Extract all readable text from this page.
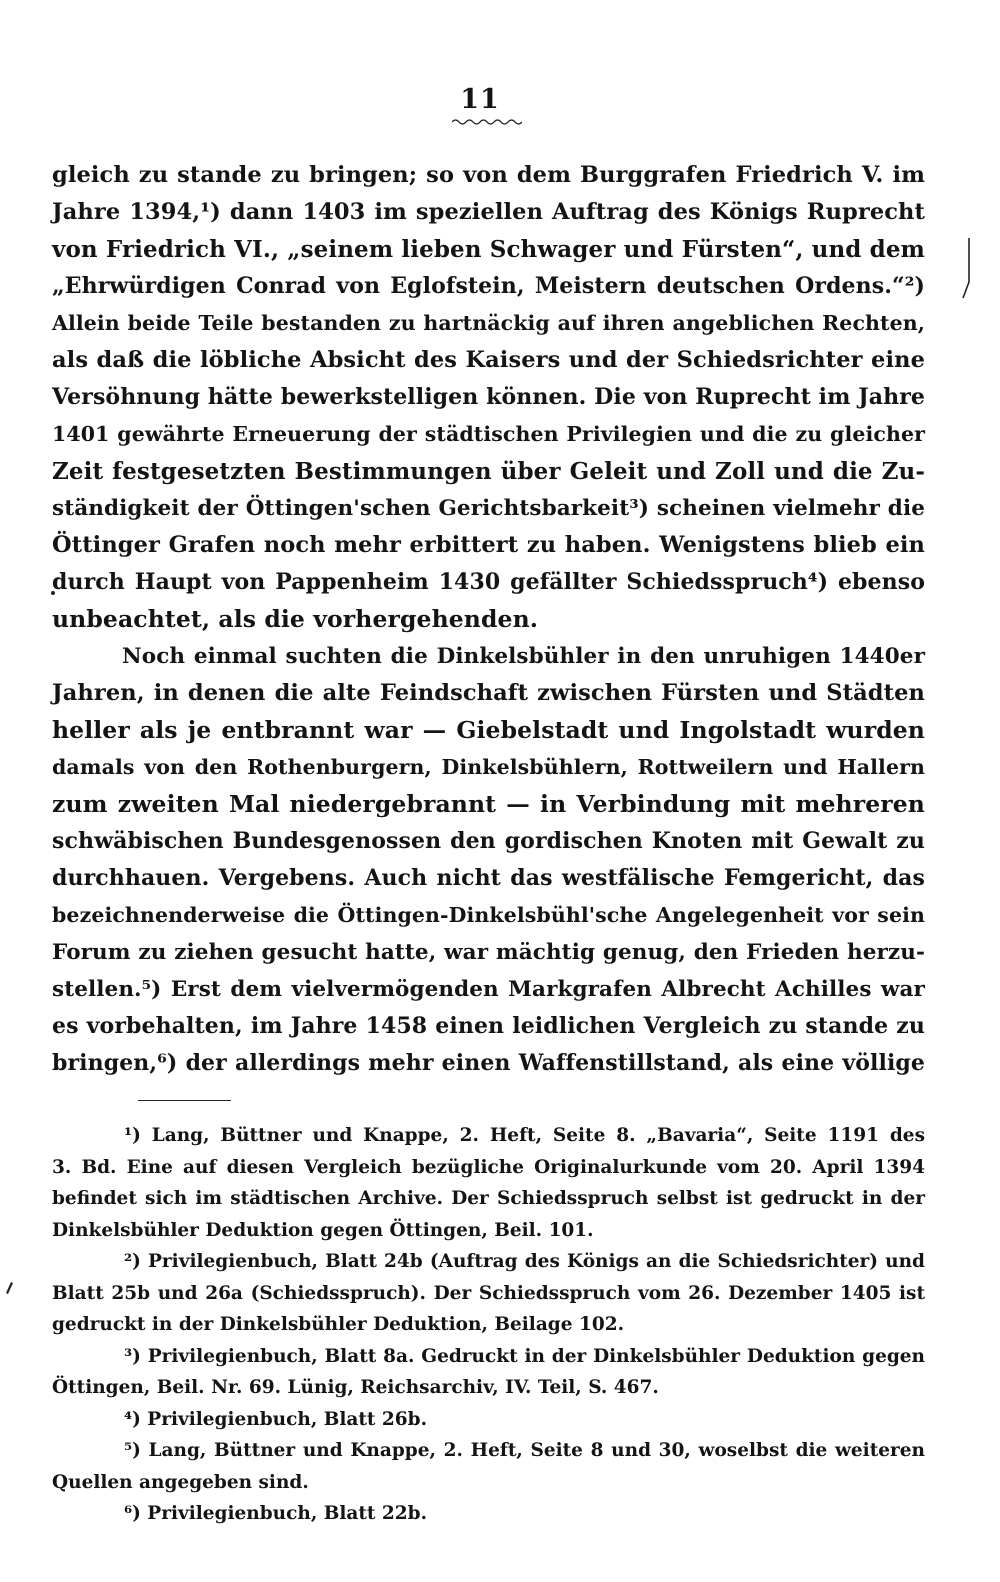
11
gleich zu stande zu bringen; so von dem Burggrafen Friedrich V. im
Jahre 1394,¹) dann 1403 im speziellen Auftrag des Königs Ruprecht
von Friedrich VI., „seinem lieben Schwager und Fürsten“, und dem
„Ehrwürdigen Conrad von Eglofstein, Meistern deutschen Ordens.“²)
Allein beide Teile bestanden zu hartnäckig auf ihren angeblichen Rechten,
als daß die löbliche Absicht des Kaisers und der Schiedsrichter eine
Versöhnung hätte bewerkstelligen können. Die von Ruprecht im Jahre
1401 gewährte Erneuerung der städtischen Privilegien und die zu gleicher
Zeit festgesetzten Bestimmungen über Geleit und Zoll und die Zu-
ständigkeit der Öttingen'schen Gerichtsbarkeit³) scheinen vielmehr die
Öttinger Grafen noch mehr erbittert zu haben. Wenigstens blieb ein
durch Haupt von Pappenheim 1430 gefällter Schiedsspruch⁴) ebenso
unbeachtet, als die vorhergehenden.
Noch einmal suchten die Dinkelsbühler in den unruhigen 1440er
Jahren, in denen die alte Feindschaft zwischen Fürsten und Städten
heller als je entbrannt war — Giebelstadt und Ingolstadt wurden
damals von den Rothenburgern, Dinkelsbühlern, Rottweilern und Hallern
zum zweiten Mal niedergebrannt — in Verbindung mit mehreren
schwäbischen Bundesgenossen den gordischen Knoten mit Gewalt zu
durchhauen. Vergebens. Auch nicht das westfälische Femgericht, das
bezeichnenderweise die Öttingen-Dinkelsbühl'sche Angelegenheit vor sein
Forum zu ziehen gesucht hatte, war mächtig genug, den Frieden herzu-
stellen.⁵) Erst dem vielvermögenden Markgrafen Albrecht Achilles war
es vorbehalten, im Jahre 1458 einen leidlichen Vergleich zu stande zu
bringen,⁶) der allerdings mehr einen Waffenstillstand, als eine völlige
¹) Lang, Büttner und Knappe, 2. Heft, Seite 8. „Bavaria“, Seite 1191 des
3. Bd. Eine auf diesen Vergleich bezügliche Originalurkunde vom 20. April 1394
befindet sich im städtischen Archive. Der Schiedsspruch selbst ist gedruckt in der
Dinkelsbühler Deduktion gegen Öttingen, Beil. 101.
²) Privilegienbuch, Blatt 24b (Auftrag des Königs an die Schiedsrichter) und
Blatt 25b und 26a (Schiedsspruch). Der Schiedsspruch vom 26. Dezember 1405 ist
gedruckt in der Dinkelsbühler Deduktion, Beilage 102.
³) Privilegienbuch, Blatt 8a. Gedruckt in der Dinkelsbühler Deduktion gegen
Öttingen, Beil. Nr. 69. Lünig, Reichsarchiv, IV. Teil, S. 467.
⁴) Privilegienbuch, Blatt 26b.
⁵) Lang, Büttner und Knappe, 2. Heft, Seite 8 und 30, woselbst die weiteren
Quellen angegeben sind.
⁶) Privilegienbuch, Blatt 22b.
